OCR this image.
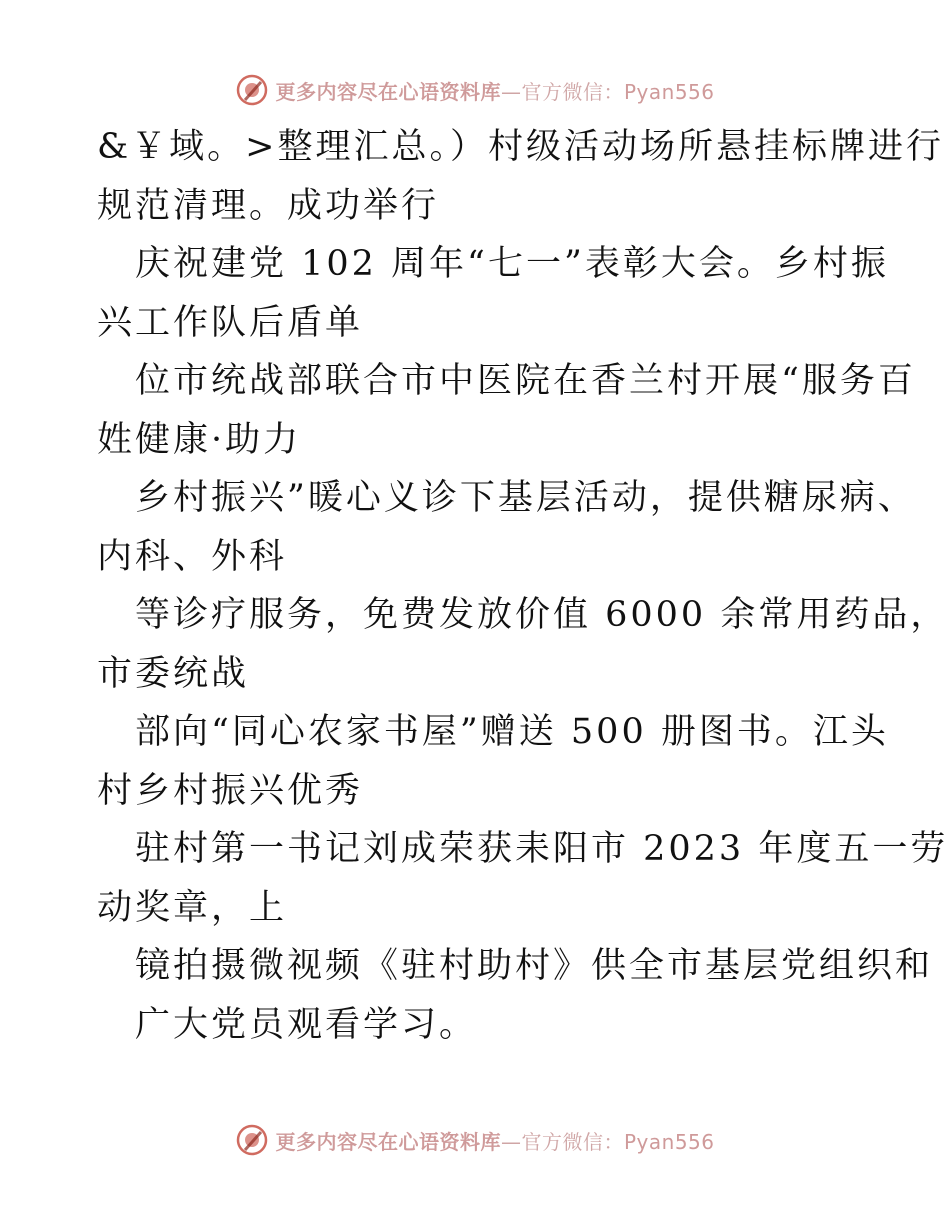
更多内容尽在心语资料库—官方微信：Pyan556
&￥域。>整理汇总。）村级活动场所悬挂标牌进行
规范清理。成功举行
庆祝建党 102 周年“七一”表彰大会。乡村振
兴工作队后盾单
位市统战部联合市中医院在香兰村开展“服务百
姓健康·助力
乡村振兴”暖心义诊下基层活动，提供糖尿病、
内科、外科
等诊疗服务，免费发放价值 6000 余常用药品，
市委统战
部向“同心农家书屋”赠送 500 册图书。江头
村乡村振兴优秀
驻村第一书记刘成荣获耒阳市 2023 年度五一劳
动奖章，上
镜拍摄微视频《驻村助村》供全市基层党组织和
广大党员观看学习。
更多内容尽在心语资料库—官方微信：Pyan556
